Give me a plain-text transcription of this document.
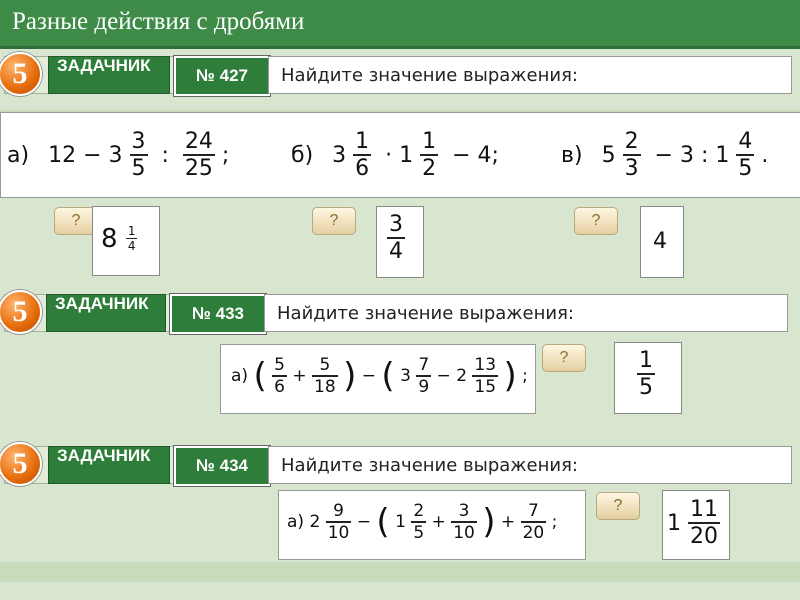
Разные действия с дробями
ЗАДАЧНИК
№ 427	Найдите значение выражения:
5
а) $12 - 3 \frac{3}{5}$ : $\frac{24}{25}$ ;	б) $3 \frac{1}{6} \cdot 1 \frac{1}{2} - 4$;	в) $5 \frac{2}{3} - 3$ : $1 \frac{4}{5}$ .
?	?	?
$8 \frac{1}{4}$	$\frac{3}{4}$	4
ЗАДАЧНИК
№ 433	Найдите значение выражения:
5
а) ( $\frac{5}{6} + \frac{5}{18}$ ) − ( $3 \frac{7}{9} - 2 \frac{13}{15}$ ) ;
?	$\frac{1}{5}$
ЗАДАЧНИК
№ 434	Найдите значение выражения:
5
а) $2 \frac{9}{10}$ − ( $1 \frac{2}{5} + \frac{3}{10}$ ) + $\frac{7}{20}$ ;
?
$1 \frac{11}{20}$
